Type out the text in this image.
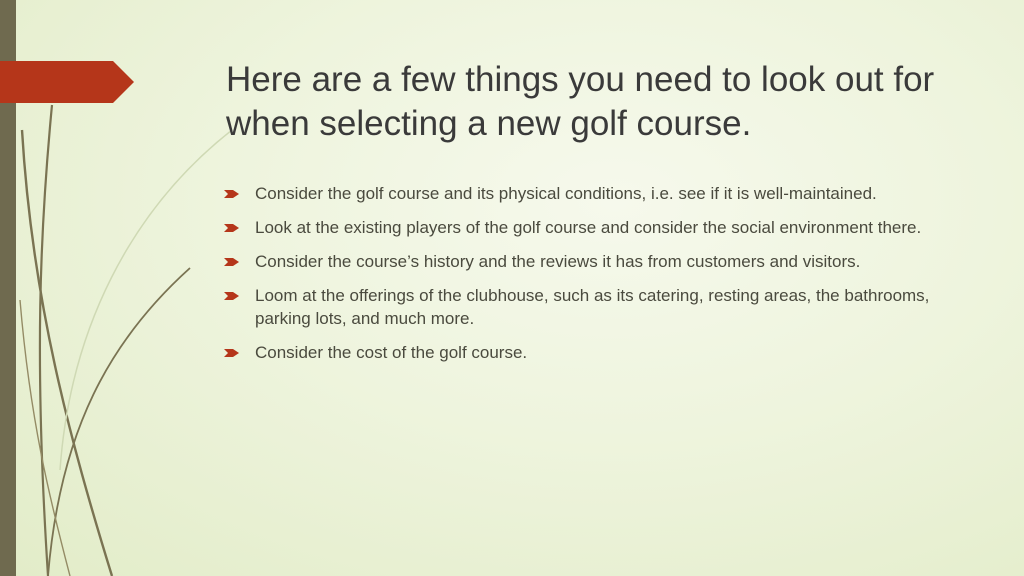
Here are a few things you need to look out for when selecting a new golf course.
Consider the golf course and its physical conditions, i.e. see if it is well-maintained.
Look at the existing players of the golf course and consider the social environment there.
Consider the course’s history and the reviews it has from customers and visitors.
Loom at the offerings of the clubhouse, such as its catering, resting areas, the bathrooms, parking lots, and much more.
Consider the cost of the golf course.
